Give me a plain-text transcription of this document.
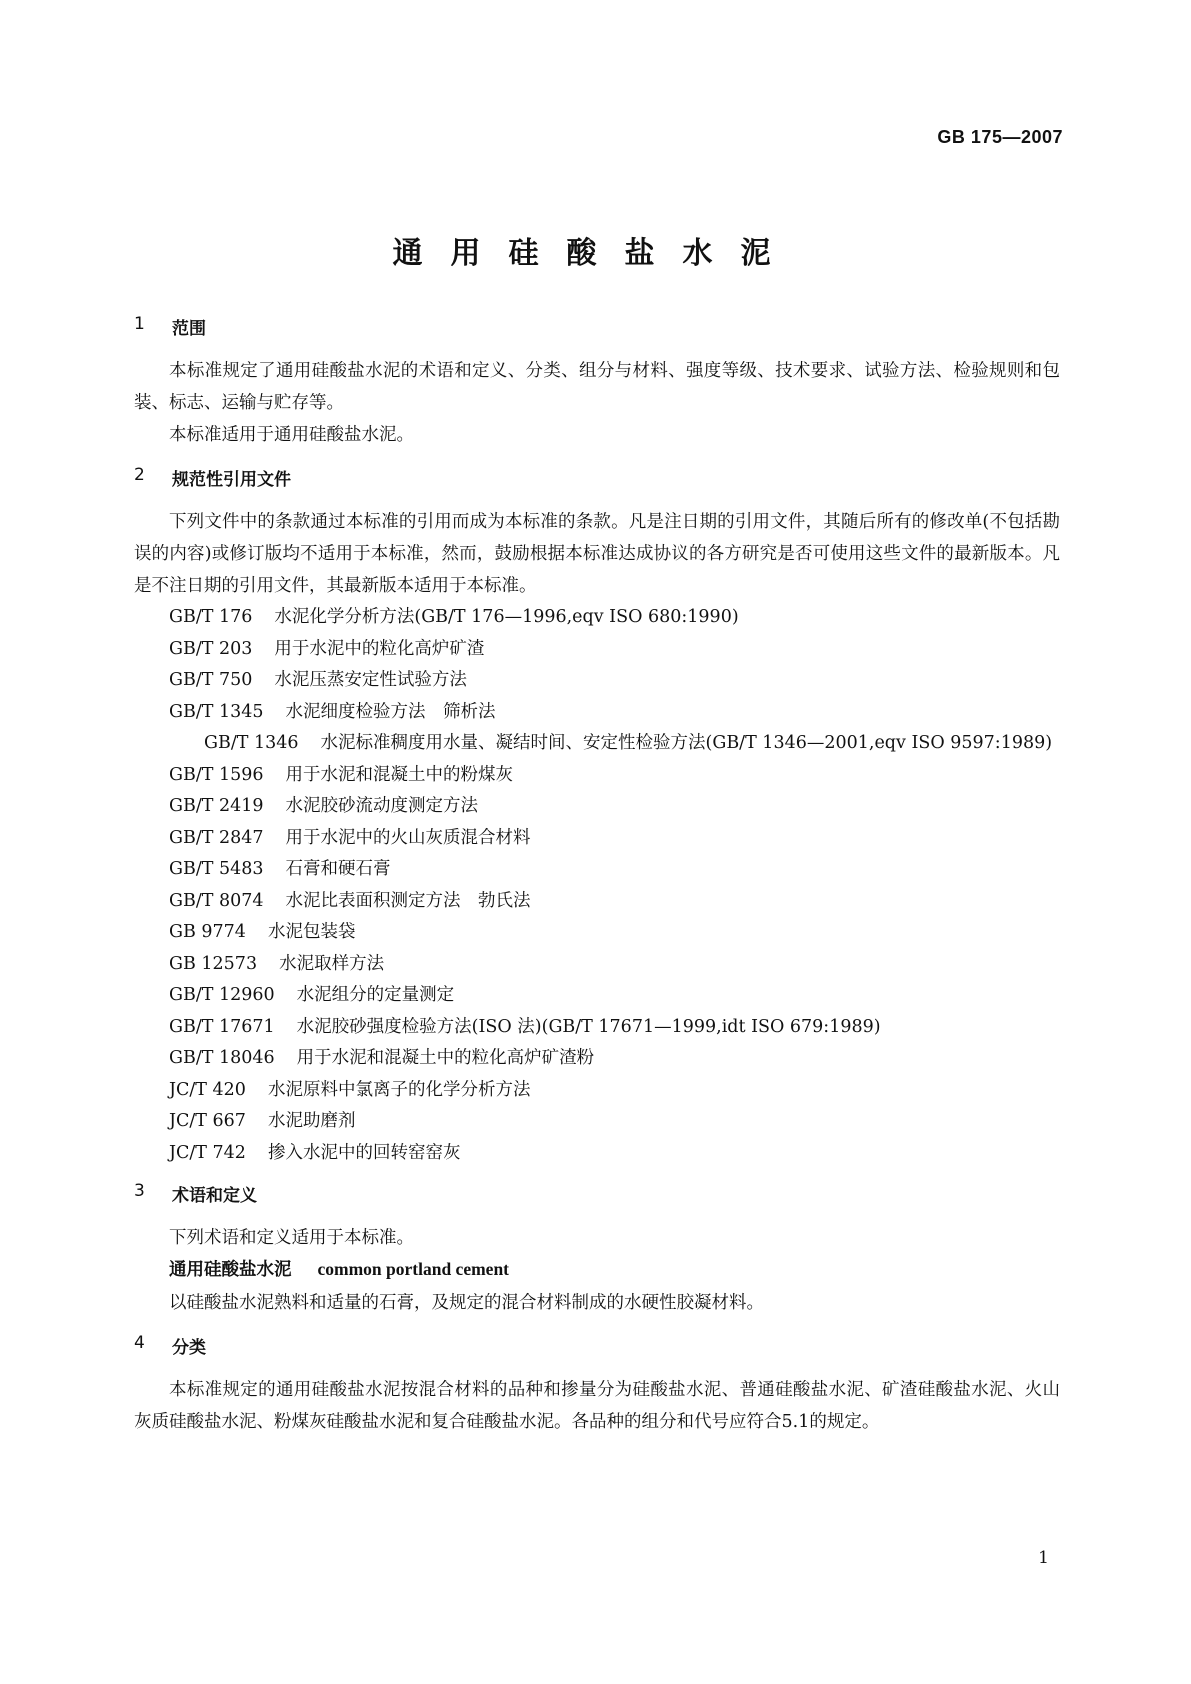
GB 175—2007
通用硅酸盐水泥
1	范围
本标准规定了通用硅酸盐水泥的术语和定义、分类、组分与材料、强度等级、技术要求、试验方法、检验规则和包装、标志、运输与贮存等。
本标准适用于通用硅酸盐水泥。
2	规范性引用文件
下列文件中的条款通过本标准的引用而成为本标准的条款。凡是注日期的引用文件，其随后所有的修改单(不包括勘误的内容)或修订版均不适用于本标准，然而，鼓励根据本标准达成协议的各方研究是否可使用这些文件的最新版本。凡是不注日期的引用文件，其最新版本适用于本标准。
GB/T 176 水泥化学分析方法(GB/T 176—1996,eqv ISO 680:1990)
GB/T 203 用于水泥中的粒化高炉矿渣
GB/T 750 水泥压蒸安定性试验方法
GB/T 1345 水泥细度检验方法　筛析法
GB/T 1346 水泥标准稠度用水量、凝结时间、安定性检验方法(GB/T 1346—2001,eqv ISO 9597:1989)
GB/T 1596 用于水泥和混凝土中的粉煤灰
GB/T 2419 水泥胶砂流动度测定方法
GB/T 2847 用于水泥中的火山灰质混合材料
GB/T 5483 石膏和硬石膏
GB/T 8074 水泥比表面积测定方法　勃氏法
GB 9774 水泥包装袋
GB 12573 水泥取样方法
GB/T 12960 水泥组分的定量测定
GB/T 17671 水泥胶砂强度检验方法(ISO 法)(GB/T 17671—1999,idt ISO 679:1989)
GB/T 18046 用于水泥和混凝土中的粒化高炉矿渣粉
JC/T 420 水泥原料中氯离子的化学分析方法
JC/T 667 水泥助磨剂
JC/T 742 掺入水泥中的回转窑窑灰
3	术语和定义
下列术语和定义适用于本标准。
通用硅酸盐水泥 common portland cement
以硅酸盐水泥熟料和适量的石膏，及规定的混合材料制成的水硬性胶凝材料。
4	分类
本标准规定的通用硅酸盐水泥按混合材料的品种和掺量分为硅酸盐水泥、普通硅酸盐水泥、矿渣硅酸盐水泥、火山灰质硅酸盐水泥、粉煤灰硅酸盐水泥和复合硅酸盐水泥。各品种的组分和代号应符合5.1的规定。
1
